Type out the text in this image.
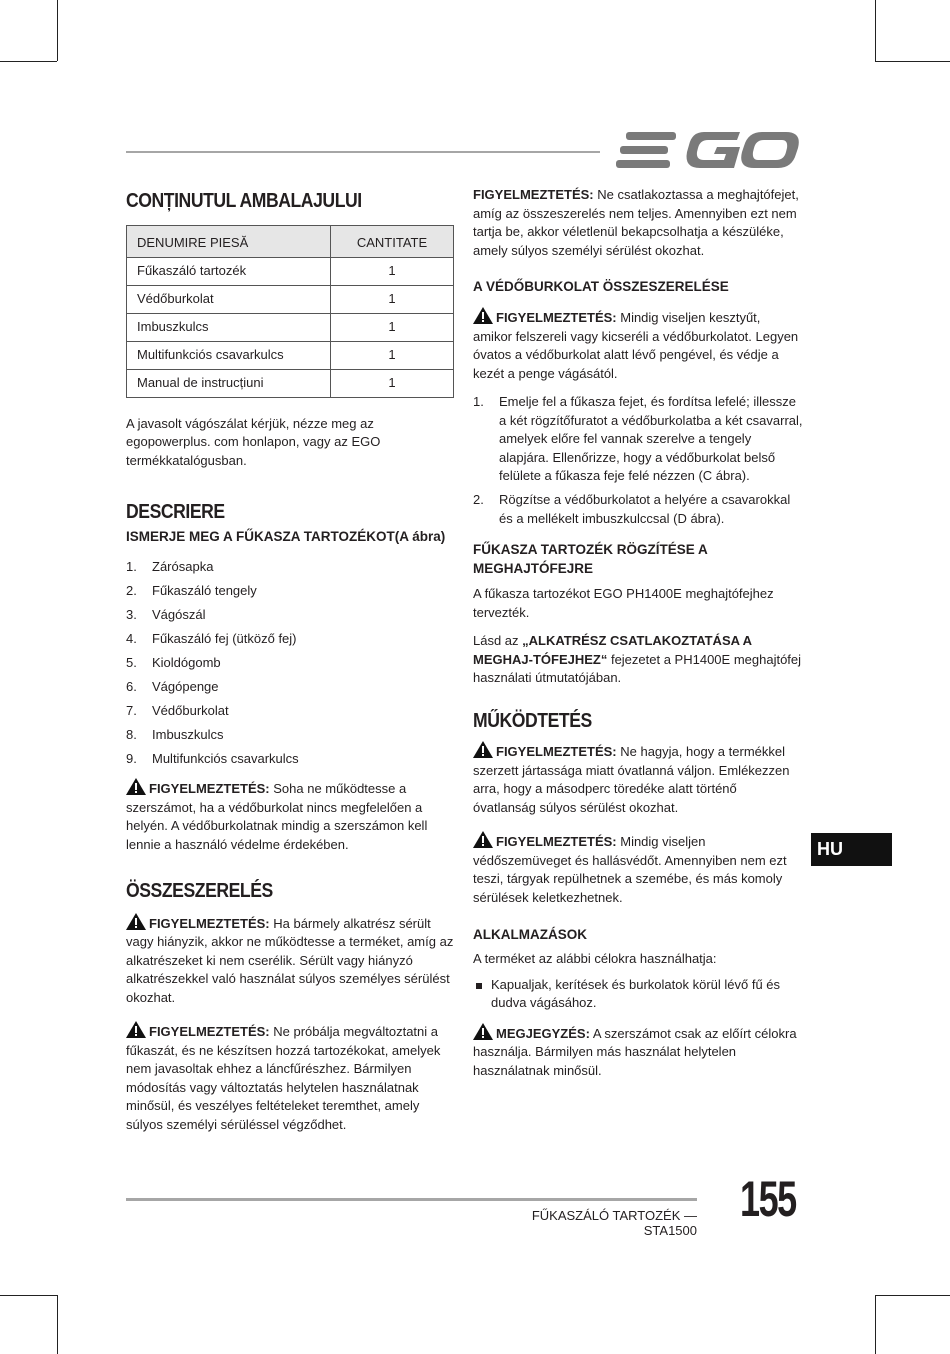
CONȚINUTUL AMBALAJULUI
DENUMIRE PIESĂ	CANTITATE
Fűkaszáló tartozék	1
Védőburkolat	1
Imbuszkulcs	1
Multifunkciós csavarkulcs	1
Manual de instrucțiuni	1

A javasolt vágószálat kérjük, nézze meg az egopowerplus. com honlapon, vagy az EGO termékkatalógusban.

DESCRIERE
ISMERJE MEG A FŰKASZA TARTOZÉKOT(A ábra)
1.	Zárósapka
2.	Fűkaszáló tengely
3.	Vágószál
4.	Fűkaszáló fej (ütköző fej)
5.	Kioldógomb
6.	Vágópenge
7.	Védőburkolat
8.	Imbuszkulcs
9.	Multifunkciós csavarkulcs

FIGYELMEZTETÉS: Soha ne működtesse a szerszámot, ha a védőburkolat nincs megfelelően a helyén. A védőburkolatnak mindig a szerszámon kell lennie a használó védelme érdekében.

ÖSSZESZERELÉS

FIGYELMEZTETÉS: Ha bármely alkatrész sérült vagy hiányzik, akkor ne működtesse a terméket, amíg az alkatrészeket ki nem cserélik. Sérült vagy hiányzó alkatrészekkel való használat súlyos személyes sérülést okozhat.

FIGYELMEZTETÉS: Ne próbálja megváltoztatni a fűkaszát, és ne készítsen hozzá tartozékokat, amelyek nem javasoltak ehhez a láncfűrészhez. Bármilyen módosítás vagy változtatás helytelen használatnak minősül, és veszélyes feltételeket teremthet, amely súlyos személyi sérüléssel végződhet.

FIGYELMEZTETÉS: Ne csatlakoztassa a meghajtófejet, amíg az összeszerelés nem teljes. Amennyiben ezt nem tartja be, akkor véletlenül bekapcsolhatja a készüléke, amely súlyos személyi sérülést okozhat.

A VÉDŐBURKOLAT ÖSSZESZERELÉSE

FIGYELMEZTETÉS: Mindig viseljen kesztyűt, amikor felszereli vagy kicseréli a védőburkolatot. Legyen óvatos a védőburkolat alatt lévő pengével, és védje a kezét a penge vágásától.

1.	Emelje fel a fűkasza fejet, és fordítsa lefelé; illessze a két rögzítőfuratot a védőburkolatba a két csavarral, amelyek előre fel vannak szerelve a tengely alapjára. Ellenőrizze, hogy a védőburkolat belső felülete a fűkasza feje felé nézzen (C ábra).
2.	Rögzítse a védőburkolatot a helyére a csavarokkal és a mellékelt imbuszkulccsal (D ábra).
FŰKASZA TARTOZÉK RÖGZÍTÉSE A MEGHAJTÓFEJRE

A fűkasza tartozékot EGO PH1400E meghajtófejhez tervezték.

Lásd az „ALKATRÉSZ CSATLAKOZTATÁSA A MEGHAJ-TÓFEJHEZ“ fejezetet a PH1400E meghajtófej használati útmutatójában.

MŰKÖDTETÉS

FIGYELMEZTETÉS: Ne hagyja, hogy a termékkel szerzett jártassága miatt óvatlanná váljon. Emlékezzen arra, hogy a másodperc töredéke alatt történő óvatlanság súlyos sérülést okozhat.

FIGYELMEZTETÉS: Mindig viseljen védőszemüveget és hallásvédőt. Amennyiben nem ezt teszi, tárgyak repülhetnek a szemébe, és más komoly sérülések keletkezhetnek.

ALKALMAZÁSOK

A terméket az alábbi célokra használhatja:

Kapualjak, kerítések és burkolatok körül lévő fű és dudva vágásához.

MEGJEGYZÉS: A szerszámot csak az előírt célokra használja. Bármilyen más használat helytelen használatnak minősül.

HU
FŰKASZÁLÓ TARTOZÉK — STA1500
155
